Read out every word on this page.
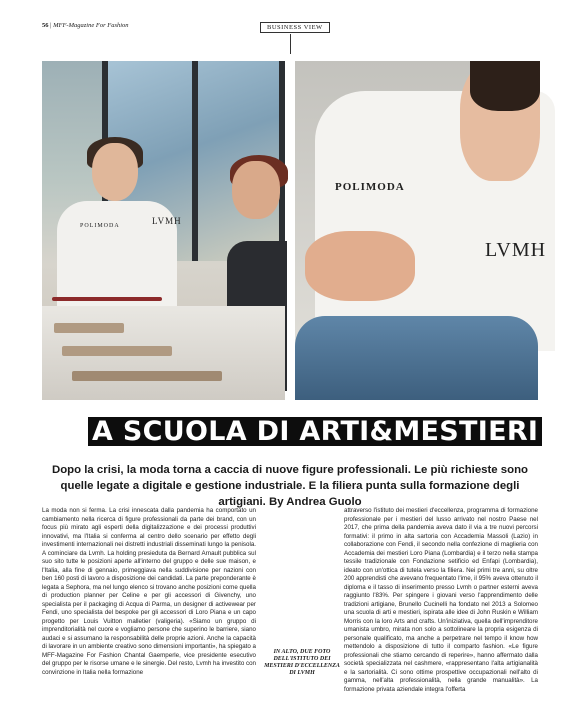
56 | MFF-Magazine For Fashion	BUSINESS VIEW
POLIMODA	LVMH
POLIMODA
LVMH
A SCUOLA DI ARTI&MESTIERI
Dopo la crisi, la moda torna a caccia di nuove figure professionali. Le più richieste sono quelle legate a digitale e gestione industriale. E la filiera punta sulla formazione degli artigiani. By Andrea Guolo

La moda non si ferma. La crisi innescata dalla pandemia ha comportato un cambiamento nella ricerca di figure professionali da parte dei brand, con un focus più mirato agli esperti della digitalizzazione e dei processi produttivi innovativi, ma l'Italia si conferma al centro dello scenario per effetto degli investimenti internazionali nei distretti industriali disseminati lungo la penisola. A cominciare da Lvmh. La holding presieduta da Bernard Arnault pubblica sul suo sito tutte le posizioni aperte all'interno del gruppo e delle sue maison, e l'Italia, alla fine di gennaio, primeggiava nella suddivisione per nazioni con ben 160 posti di lavoro a disposizione dei candidati. La parte preponderante è legata a Sephora, ma nel lungo elenco si trovano anche posizioni come quella di production planner per Celine e per gli accessori di Givenchy, uno specialista per il packaging di Acqua di Parma, un designer di activewear per Fendi, uno specialista del bespoke per gli accessori di Loro Piana e un capo progetto per Louis Vuitton malletier (valigeria). «Siamo un gruppo di imprenditorialità nel cuore e vogliamo persone che superino le barriere, siano audaci e si assumano la responsabilità delle proprie azioni. Anche la capacità di lavorare in un ambiente creativo sono dimensioni importanti», ha spiegato a MFF-Magazine For Fashion Chantal Gaemperle, vice presidente esecutivo del gruppo per le risorse umane e le sinergie. Del resto, Lvmh ha investito con convinzione in Italia nella formazione

IN ALTO, DUE FOTO DELL'ISTITUTO DEI MESTIERI D'ECCELLENZA DI LVMH

attraverso l'istituto dei mestieri d'eccellenza, programma di formazione professionale per i mestieri del lusso arrivato nel nostro Paese nel 2017, che prima della pandemia aveva dato il via a tre nuovi percorsi formativi: il primo in alta sartoria con Accademia Massoli (Lazio) in collaborazione con Fendi, il secondo nella confezione di maglieria con Accademia dei mestieri Loro Piana (Lombardia) e il terzo nella stampa tessile tradizionale con Fondazione setificio ed Enfapi (Lombardia), ideato con un'ottica di tutela verso la filiera. Nei primi tre anni, su oltre 200 apprendisti che avevano frequentato l'ime, il 95% aveva ottenuto il diploma e il tasso di inserimento presso Lvmh o partner esterni aveva raggiunto l'83%. Per spingere i giovani verso l'apprendimento delle tradizioni artigiane, Brunello Cucinelli ha fondato nel 2013 a Solomeo una scuola di arti e mestieri, ispirata alle idee di John Ruskin e William Morris con la loro Arts and crafts. Un'iniziativa, quella dell'imprenditore umanista umbro, mirata non solo a sottolineare la propria esigenza di personale qualificato, ma anche a perpetrare nel tempo il know how mettendolo a disposizione di tutto il comparto fashion. «Le figure professionali che stiamo cercando di reperire», hanno affermato dalla società specializzata nel cashmere, «rappresentano l'alta artigianalità e la sartorialità. Ci sono ottime prospettive occupazionali nell'alto di gamma, nell'alta professionalità, nella grande manualità». La formazione privata aziendale integra l'offerta
